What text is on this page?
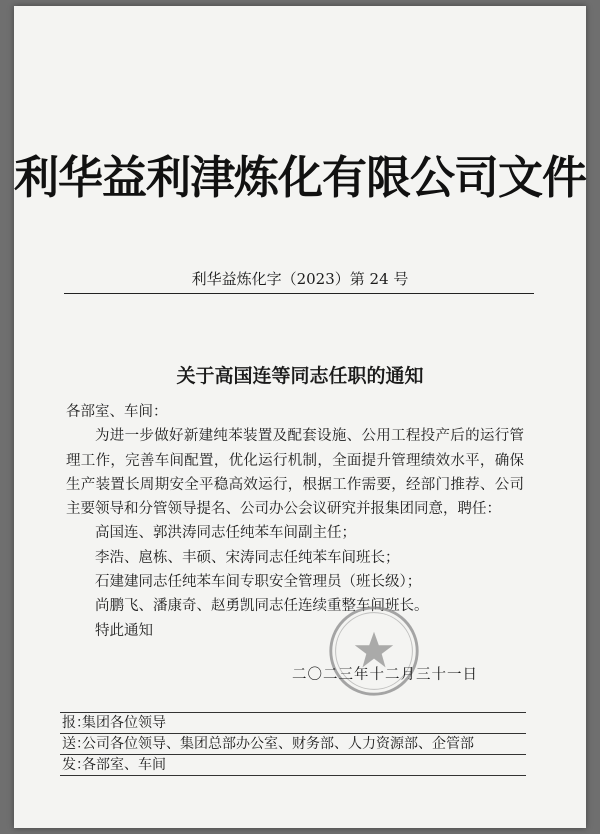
利华益利津炼化有限公司文件
利华益炼化字（2023）第 24 号
关于高国连等同志任职的通知

各部室、车间：

为进一步做好新建纯苯装置及配套设施、公用工程投产后的运行管理工作，完善车间配置，优化运行机制，全面提升管理绩效水平，确保生产装置长周期安全平稳高效运行，根据工作需要，经部门推荐、公司主要领导和分管领导提名、公司办公会议研究并报集团同意，聘任：

高国连、郭洪涛同志任纯苯车间副主任；

李浩、扈栋、丰硕、宋涛同志任纯苯车间班长；

石建建同志任纯苯车间专职安全管理员（班长级）；

尚鹏飞、潘康奇、赵勇凯同志任连续重整车间班长。

特此通知

二〇二三年十二月三十一日
报：
集团各位领导
送：
公司各位领导、集团总部办公室、财务部、人力资源部、企管部
发：
各部室、车间
